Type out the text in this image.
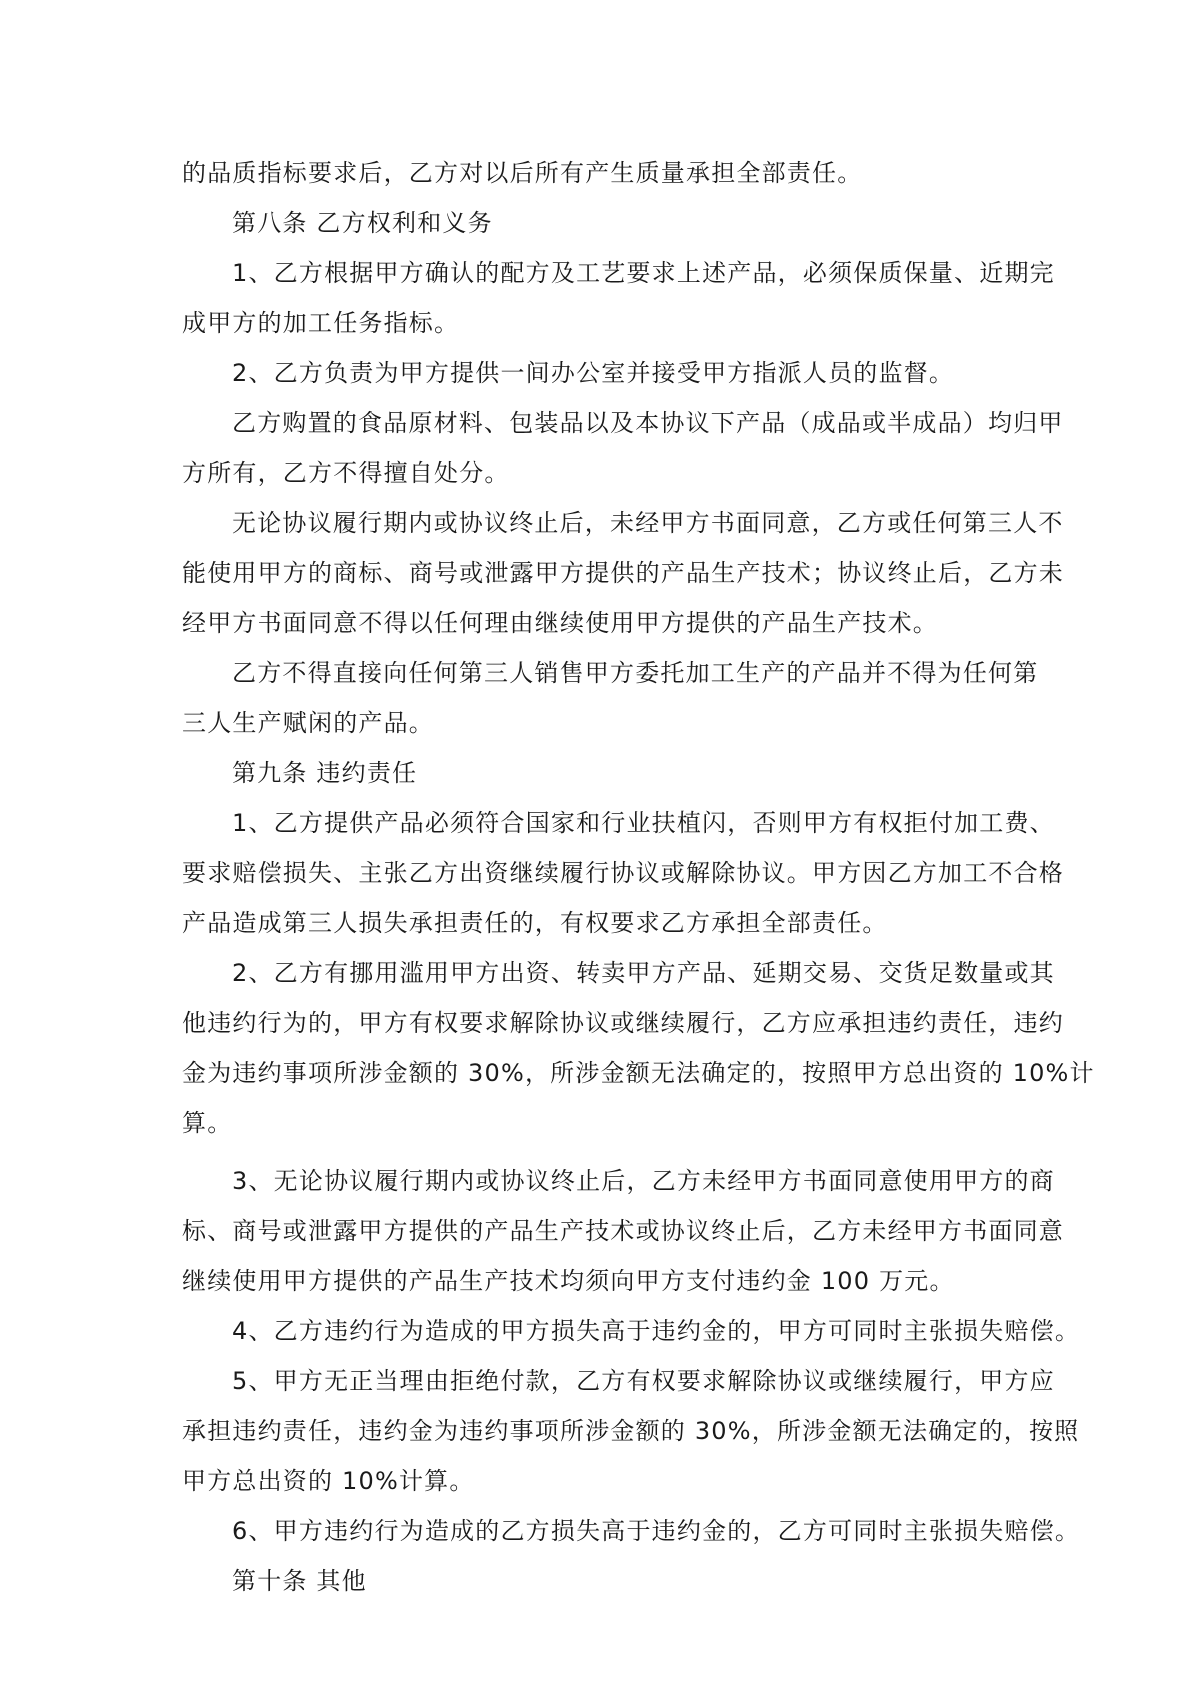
的品质指标要求后，乙方对以后所有产生质量承担全部责任。
第八条 乙方权利和义务
1、乙方根据甲方确认的配方及工艺要求上述产品，必须保质保量、近期完
成甲方的加工任务指标。
2、乙方负责为甲方提供一间办公室并接受甲方指派人员的监督。
乙方购置的食品原材料、包装品以及本协议下产品（成品或半成品）均归甲
方所有，乙方不得擅自处分。
无论协议履行期内或协议终止后，未经甲方书面同意，乙方或任何第三人不
能使用甲方的商标、商号或泄露甲方提供的产品生产技术；协议终止后，乙方未
经甲方书面同意不得以任何理由继续使用甲方提供的产品生产技术。
乙方不得直接向任何第三人销售甲方委托加工生产的产品并不得为任何第
三人生产赋闲的产品。
第九条 违约责任
1、乙方提供产品必须符合国家和行业扶植闪，否则甲方有权拒付加工费、
要求赔偿损失、主张乙方出资继续履行协议或解除协议。甲方因乙方加工不合格
产品造成第三人损失承担责任的，有权要求乙方承担全部责任。
2、乙方有挪用滥用甲方出资、转卖甲方产品、延期交易、交货足数量或其
他违约行为的，甲方有权要求解除协议或继续履行，乙方应承担违约责任，违约
金为违约事项所涉金额的 30%，所涉金额无法确定的，按照甲方总出资的 10%计
算。
3、无论协议履行期内或协议终止后，乙方未经甲方书面同意使用甲方的商
标、商号或泄露甲方提供的产品生产技术或协议终止后，乙方未经甲方书面同意
继续使用甲方提供的产品生产技术均须向甲方支付违约金 100 万元。
4、乙方违约行为造成的甲方损失高于违约金的，甲方可同时主张损失赔偿。
5、甲方无正当理由拒绝付款，乙方有权要求解除协议或继续履行，甲方应
承担违约责任，违约金为违约事项所涉金额的 30%，所涉金额无法确定的，按照
甲方总出资的 10%计算。
6、甲方违约行为造成的乙方损失高于违约金的，乙方可同时主张损失赔偿。
第十条 其他
